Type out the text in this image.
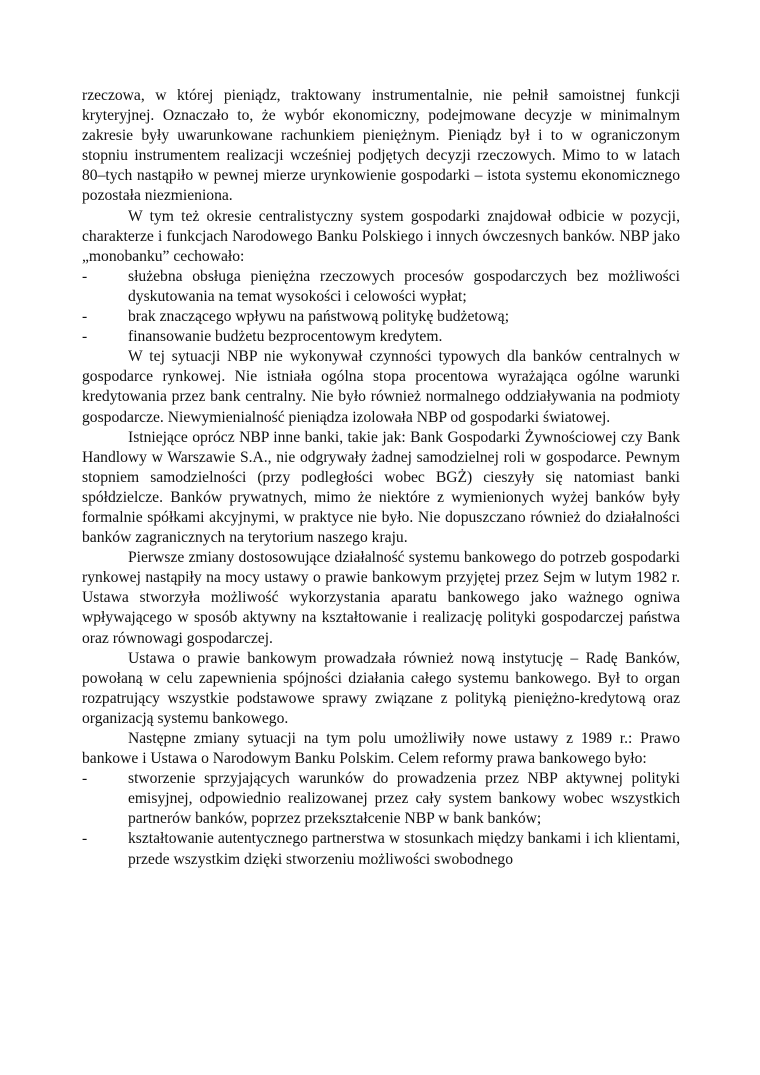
rzeczowa, w której pieniądz, traktowany instrumentalnie, nie pełnił samoistnej funkcji kryteryjnej. Oznaczało to, że wybór ekonomiczny, podejmowane decyzje w minimalnym zakresie były uwarunkowane rachunkiem pieniężnym. Pieniądz był i to w ograniczonym stopniu instrumentem realizacji wcześniej podjętych decyzji rzeczowych. Mimo to w latach 80–tych nastąpiło w pewnej mierze urynkowienie gospodarki – istota systemu ekonomicznego pozostała niezmieniona.

W tym też okresie centralistyczny system gospodarki znajdował odbicie w pozycji, charakterze i funkcjach Narodowego Banku Polskiego i innych ówczesnych banków. NBP jako „monobanku” cechowało:

-	służebna obsługa pieniężna rzeczowych procesów gospodarczych bez możliwości dyskutowania na temat wysokości i celowości wypłat;
-	brak znaczącego wpływu na państwową politykę budżetową;
-	finansowanie budżetu bezprocentowym kredytem.

W tej sytuacji NBP nie wykonywał czynności typowych dla banków centralnych w gospodarce rynkowej. Nie istniała ogólna stopa procentowa wyrażająca ogólne warunki kredytowania przez bank centralny. Nie było również normalnego oddziaływania na podmioty gospodarcze. Niewymienialność pieniądza izolowała NBP od gospodarki światowej.

Istniejące oprócz NBP inne banki, takie jak: Bank Gospodarki Żywnościowej czy Bank Handlowy w Warszawie S.A., nie odgrywały żadnej samodzielnej roli w gospodarce. Pewnym stopniem samodzielności (przy podległości wobec BGŻ) cieszyły się natomiast banki spółdzielcze. Banków prywatnych, mimo że niektóre z wymienionych wyżej banków były formalnie spółkami akcyjnymi, w praktyce nie było. Nie dopuszczano również do działalności banków zagranicznych na terytorium naszego kraju.

Pierwsze zmiany dostosowujące działalność systemu bankowego do potrzeb gospodarki rynkowej nastąpiły na mocy ustawy o prawie bankowym przyjętej przez Sejm w lutym 1982 r. Ustawa stworzyła możliwość wykorzystania aparatu bankowego jako ważnego ogniwa wpływającego w sposób aktywny na kształtowanie i realizację polityki gospodarczej państwa oraz równowagi gospodarczej.

Ustawa o prawie bankowym prowadzała również nową instytucję – Radę Banków, powołaną w celu zapewnienia spójności działania całego systemu bankowego. Był to organ rozpatrujący wszystkie podstawowe sprawy związane z polityką pieniężno-kredytową oraz organizacją systemu bankowego.

Następne zmiany sytuacji na tym polu umożliwiły nowe ustawy z 1989 r.: Prawo bankowe i Ustawa o Narodowym Banku Polskim. Celem reformy prawa bankowego było:

-	stworzenie sprzyjających warunków do prowadzenia przez NBP aktywnej polityki emisyjnej, odpowiednio realizowanej przez cały system bankowy wobec wszystkich partnerów banków, poprzez przekształcenie NBP w bank banków;
-	kształtowanie autentycznego partnerstwa w stosunkach między bankami i ich klientami, przede wszystkim dzięki stworzeniu możliwości swobodnego
